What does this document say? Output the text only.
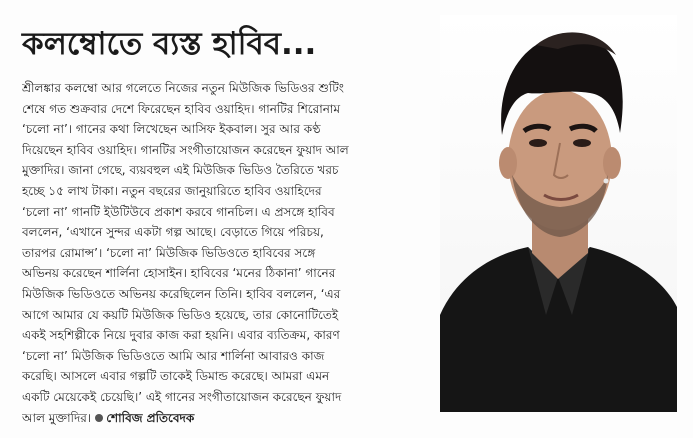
কলম্বোতে ব্যস্ত হাবিব...
শ্রীলঙ্কার কলম্বো আর গলেতে নিজের নতুন মিউজিক ভিডিওর শুটিং
শেষে গত শুক্রবার দেশে ফিরেছেন হাবিব ওয়াহিদ। গানটির শিরোনাম
‘চলো না’। গানের কথা লিখেছেন আসিফ ইকবাল। সুর আর কণ্ঠ
দিয়েছেন হাবিব ওয়াহিদ। গানটির সংগীতায়োজন করেছেন ফুয়াদ আল
মুক্তাদির। জানা গেছে, ব্যয়বহুল এই মিউজিক ভিডিও তৈরিতে খরচ
হচ্ছে ১৫ লাখ টাকা। নতুন বছরের জানুয়ারিতে হাবিব ওয়াহিদের
‘চলো না’ গানটি ইউটিউবে প্রকাশ করবে গানচিল। এ প্রসঙ্গে হাবিব
বললেন, ‘এখানে সুন্দর একটা গল্প আছে। বেড়াতে গিয়ে পরিচয়,
তারপর রোমান্স’। ‘চলো না’ মিউজিক ভিডিওতে হাবিবের সঙ্গে
অভিনয় করেছেন শার্লিনা হোসাইন। হাবিবের ‘মনের ঠিকানা’ গানের
মিউজিক ভিডিওতে অভিনয় করেছিলেন তিনি। হাবিব বললেন, ‘এর
আগে আমার যে কয়টি মিউজিক ভিডিও হয়েছে, তার কোনোটিতেই
একই সহশিল্পীকে নিয়ে দুবার কাজ করা হয়নি। এবার ব্যতিক্রম, কারণ
‘চলো না’ মিউজিক ভিডিওতে আমি আর শার্লিনা আবারও কাজ
করেছি। আসলে এবার গল্পটি তাকেই ডিমান্ড করেছে। আমরা এমন
একটি মেয়েকেই চেয়েছি।’ এই গানের সংগীতায়োজন করেছেন ফুয়াদ
আল মুক্তাদির। শোবিজ প্রতিবেদক
